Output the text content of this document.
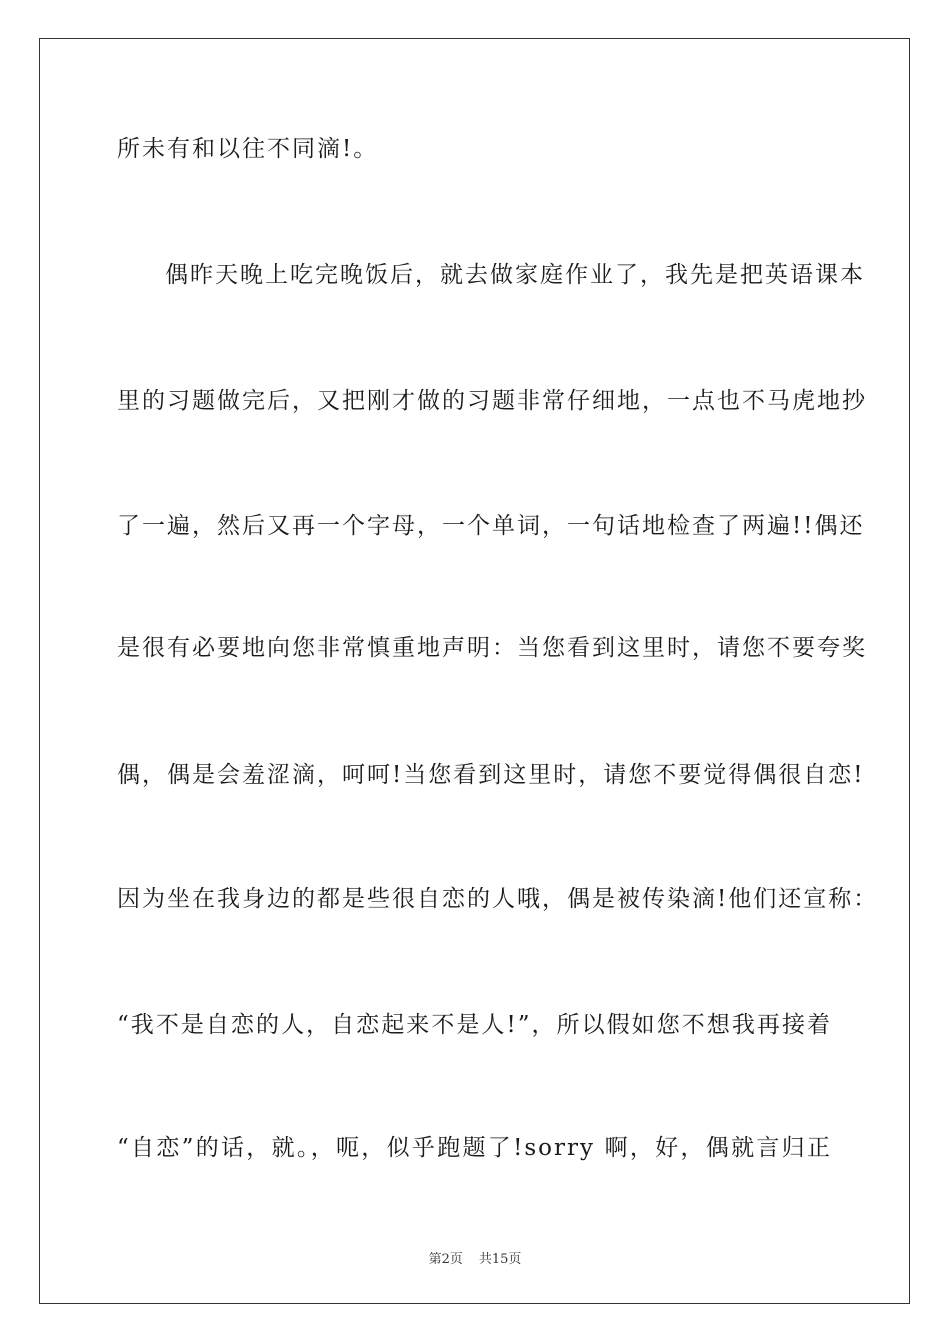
所未有和以往不同滴!。
偶昨天晚上吃完晚饭后，就去做家庭作业了，我先是把英语课本
里的习题做完后，又把刚才做的习题非常仔细地，一点也不马虎地抄
了一遍，然后又再一个字母，一个单词，一句话地检查了两遍!!偶还
是很有必要地向您非常慎重地声明：当您看到这里时，请您不要夸奖
偶，偶是会羞涩滴，呵呵!当您看到这里时，请您不要觉得偶很自恋!
因为坐在我身边的都是些很自恋的人哦，偶是被传染滴!他们还宣称：
“我不是自恋的人，自恋起来不是人!”，所以假如您不想我再接着
“自恋”的话，就。，呃，似乎跑题了!sorry 啊，好，偶就言归正
第2页 共15页
